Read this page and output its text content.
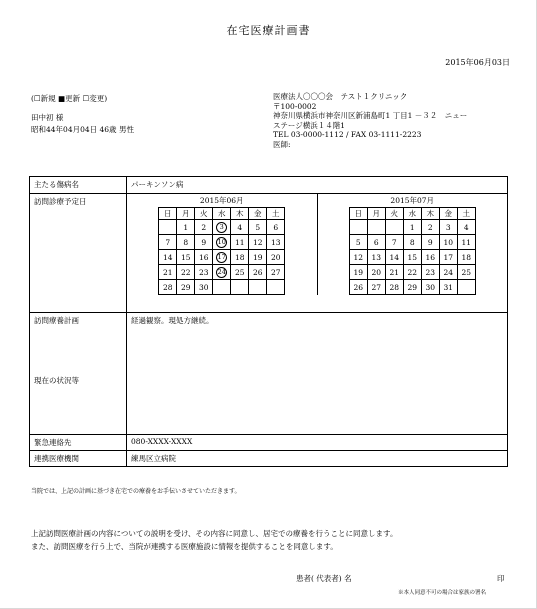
在宅医療計画書
2015年06月03日
(☐新規 ■更新 ☐変更)
田中初 様
昭和44年04月04日 46歳 男性
医療法人〇〇〇会　テスト１クリニック
〒100-0002
神奈川県横浜市神奈川区新浦島町1 丁目1 －３２　ニュー
ステージ横浜１４階1
TEL 03-0000-1112 / FAX 03-1111-2223
医師:
主たる傷病名	パーキンソン病
訪問診療予定日	2015年06月
日	月	火	水	木	金	土
	1	2	3	4	5	6
7	8	9	10	11	12	13
14	15	16	17	18	19	20
21	22	23	24	25	26	27
28	29	30				
2015年07月
日	月	火	水	木	金	土
			1	2	3	4
5	6	7	8	9	10	11
12	13	14	15	16	17	18
19	20	21	22	23	24	25
26	27	28	29	30	31	

訪問療養計画
現在の状況等
	経過観察。現処方継続。
緊急連絡先	080-XXXX-XXXX
連携医療機関	練馬区立病院
当院では、上記の計画に基づき在宅での療養をお手伝いさせていただきます。
上記訪問医療計画の内容についての説明を受け、その内容に同意し、居宅での療養を行うことに同意します。
また、訪問医療を行う上で、当院が連携する医療施設に情報を提供することを同意します。
患者( 代表者) 名	印
※本人同意不可の場合は家族の署名
